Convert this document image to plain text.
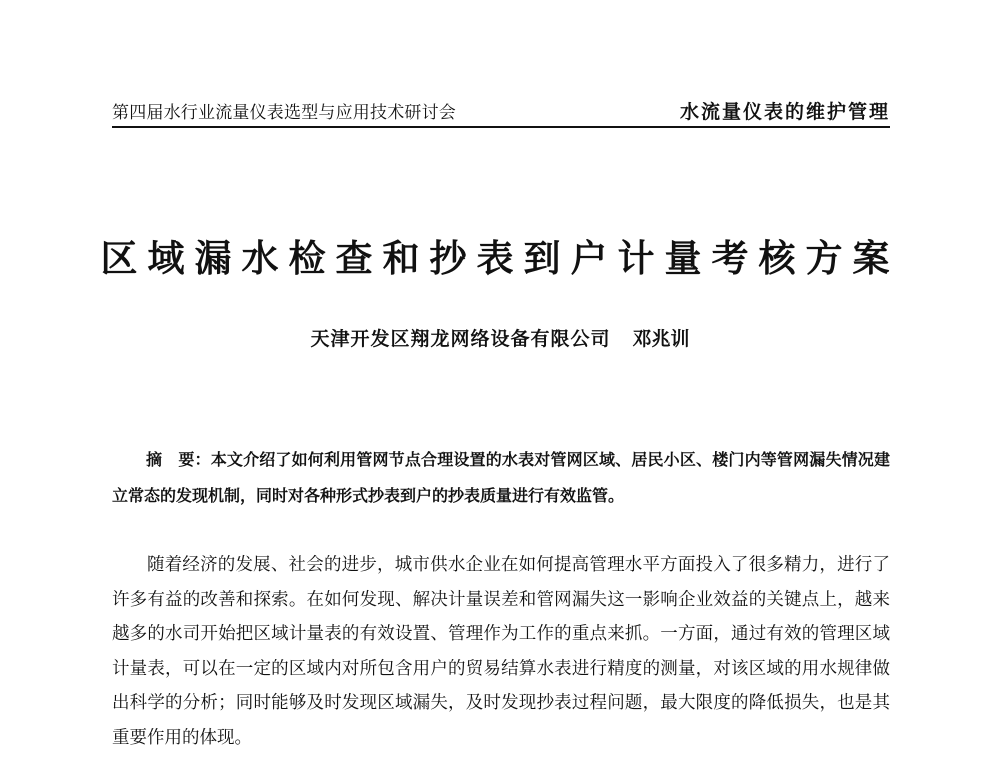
第四届水行业流量仪表选型与应用技术研讨会	水流量仪表的维护管理
区域漏水检查和抄表到户计量考核方案
天津开发区翔龙网络设备有限公司 邓兆训
摘　要：本文介绍了如何利用管网节点合理设置的水表对管网区域、居民小区、楼门内等管网漏失情况建立常态的发现机制，同时对各种形式抄表到户的抄表质量进行有效监管。
随着经济的发展、社会的进步，城市供水企业在如何提高管理水平方面投入了很多精力，进行了许多有益的改善和探索。在如何发现、解决计量误差和管网漏失这一影响企业效益的关键点上，越来越多的水司开始把区域计量表的有效设置、管理作为工作的重点来抓。一方面，通过有效的管理区域计量表，可以在一定的区域内对所包含用户的贸易结算水表进行精度的测量，对该区域的用水规律做出科学的分析；同时能够及时发现区域漏失，及时发现抄表过程问题，最大限度的降低损失，也是其重要作用的体现。
